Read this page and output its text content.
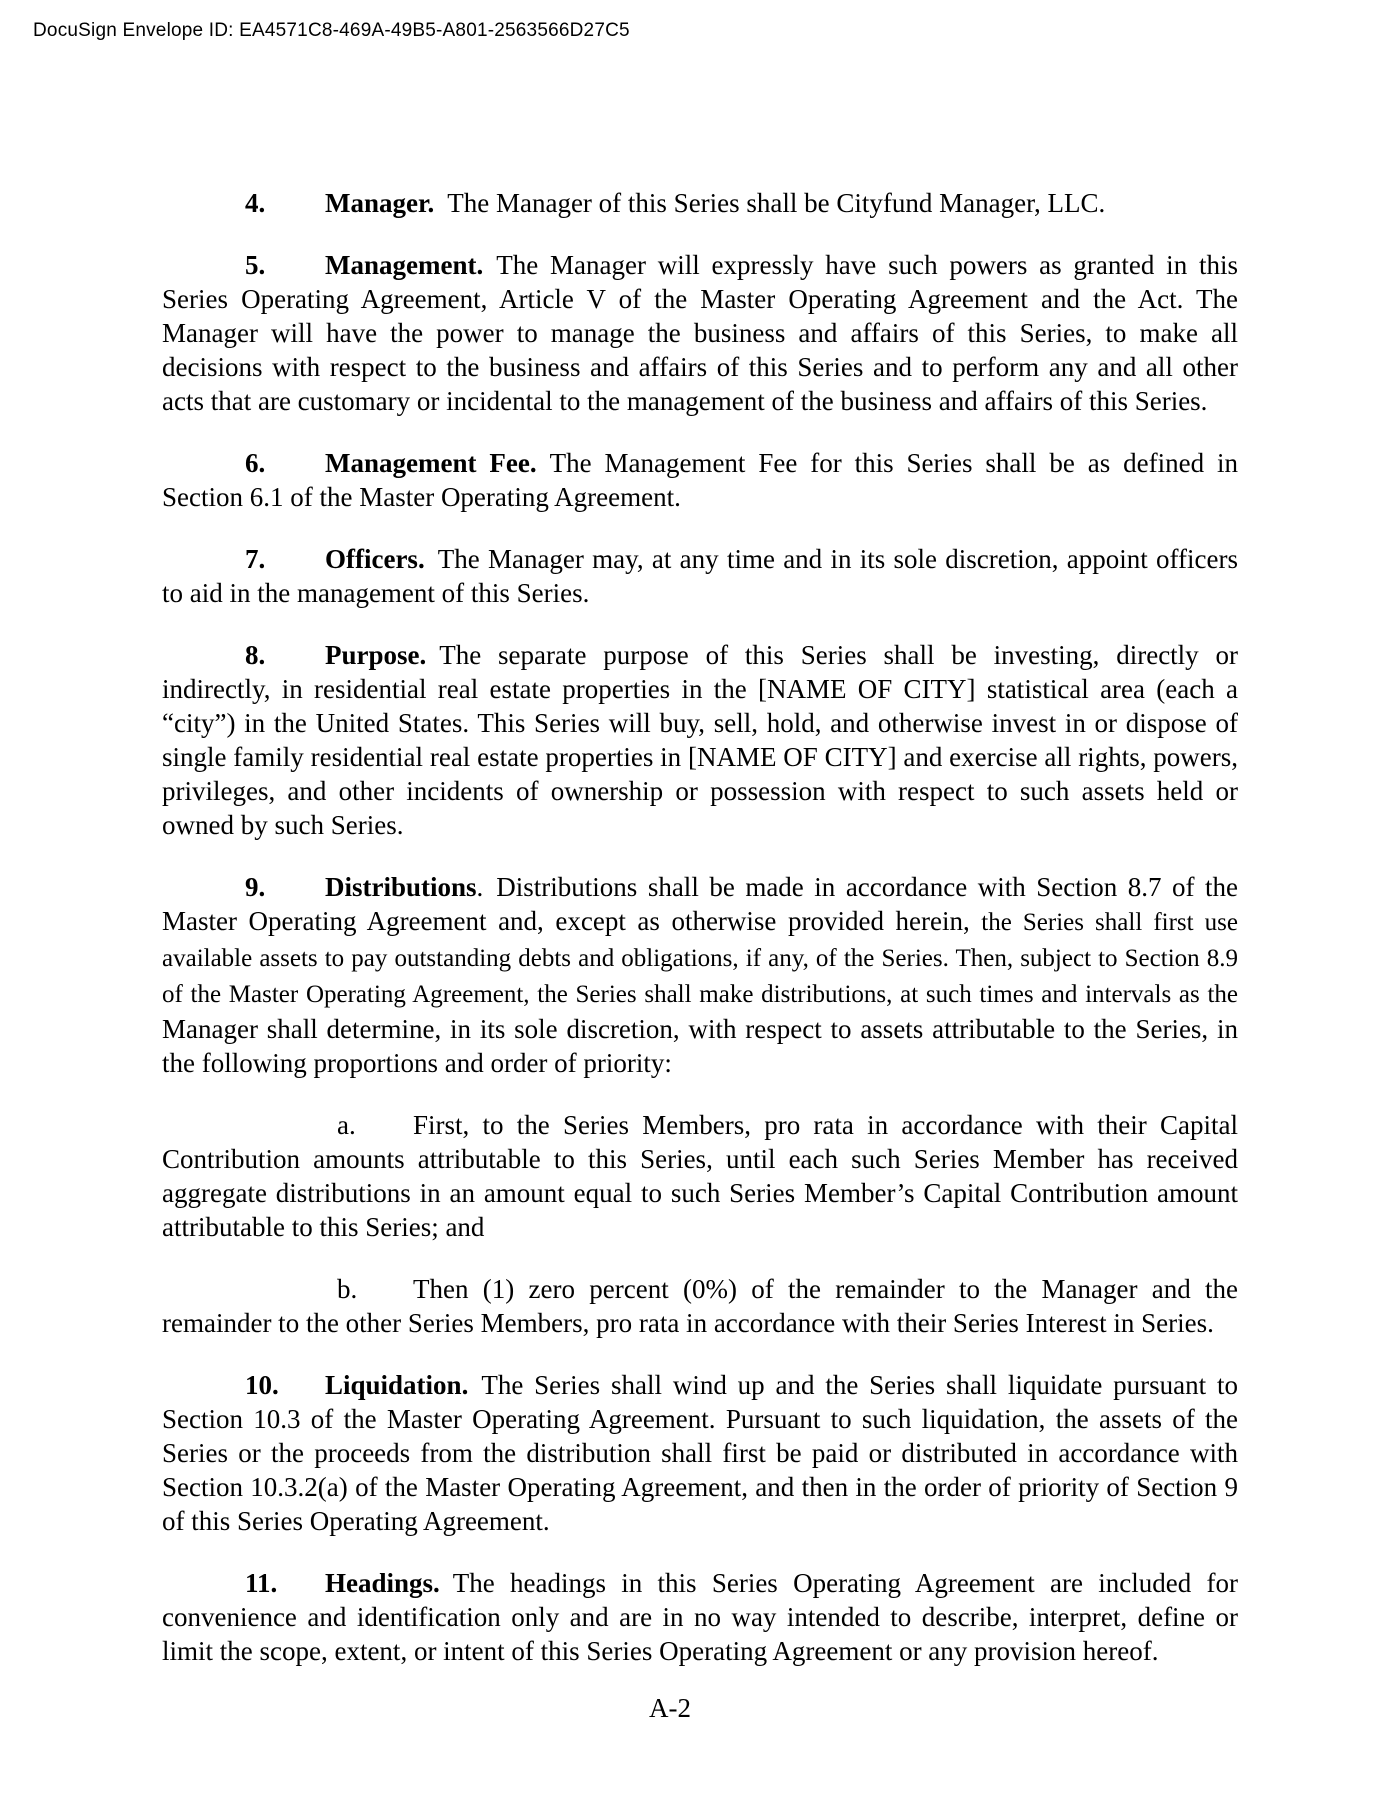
DocuSign Envelope ID: EA4571C8-469A-49B5-A801-2563566D27C5

4. Manager. The Manager of this Series shall be Cityfund Manager, LLC.

5. Management. The Manager will expressly have such powers as granted in this Series Operating Agreement, Article V of the Master Operating Agreement and the Act. The Manager will have the power to manage the business and affairs of this Series, to make all decisions with respect to the business and affairs of this Series and to perform any and all other acts that are customary or incidental to the management of the business and affairs of this Series.

6. Management Fee. The Management Fee for this Series shall be as defined in Section 6.1 of the Master Operating Agreement.

7. Officers. The Manager may, at any time and in its sole discretion, appoint officers to aid in the management of this Series.

8. Purpose. The separate purpose of this Series shall be investing, directly or indirectly, in residential real estate properties in the [NAME OF CITY] statistical area (each a “city”) in the United States. This Series will buy, sell, hold, and otherwise invest in or dispose of single family residential real estate properties in [NAME OF CITY] and exercise all rights, powers, privileges, and other incidents of ownership or possession with respect to such assets held or owned by such Series.

9. Distributions. Distributions shall be made in accordance with Section 8.7 of the Master Operating Agreement and, except as otherwise provided herein, the Series shall first use available assets to pay outstanding debts and obligations, if any, of the Series. Then, subject to Section 8.9 of the Master Operating Agreement, the Series shall make distributions, at such times and intervals as the Manager shall determine, in its sole discretion, with respect to assets attributable to the Series, in the following proportions and order of priority:

a. First, to the Series Members, pro rata in accordance with their Capital Contribution amounts attributable to this Series, until each such Series Member has received aggregate distributions in an amount equal to such Series Member’s Capital Contribution amount attributable to this Series; and

b. Then (1) zero percent (0%) of the remainder to the Manager and the remainder to the other Series Members, pro rata in accordance with their Series Interest in Series.

10. Liquidation. The Series shall wind up and the Series shall liquidate pursuant to Section 10.3 of the Master Operating Agreement. Pursuant to such liquidation, the assets of the Series or the proceeds from the distribution shall first be paid or distributed in accordance with Section 10.3.2(a) of the Master Operating Agreement, and then in the order of priority of Section 9 of this Series Operating Agreement.

11. Headings. The headings in this Series Operating Agreement are included for convenience and identification only and are in no way intended to describe, interpret, define or limit the scope, extent, or intent of this Series Operating Agreement or any provision hereof.

A-2
